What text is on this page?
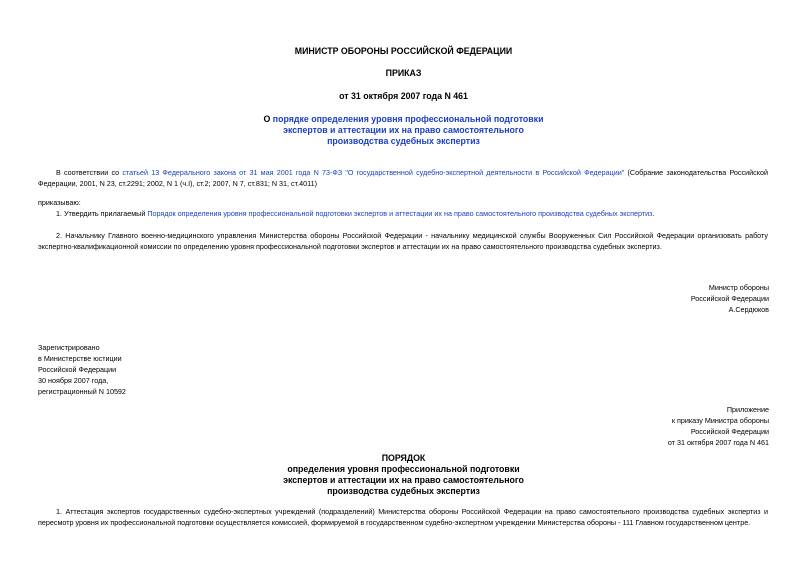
МИНИСТР ОБОРОНЫ РОССИЙСКОЙ ФЕДЕРАЦИИ
ПРИКАЗ
от 31 октября 2007 года N 461
О порядке определения уровня профессиональной подготовки
экспертов и аттестации их на право самостоятельного
производства судебных экспертиз
В соответствии со статьей 13 Федерального закона от 31 мая 2001 года N 73-ФЗ "О государственной судебно-экспертной деятельности в Российской Федерации" (Собрание законодательства Российской Федерации, 2001, N 23, ст.2291; 2002, N 1 (ч.I), ст.2; 2007, N 7, ст.831; N 31, ст.4011)
приказываю:
1. Утвердить прилагаемый Порядок определения уровня профессиональной подготовки экспертов и аттестации их на право самостоятельного производства судебных экспертиз.
2. Начальнику Главного военно-медицинского управления Министерства обороны Российской Федерации - начальнику медицинской службы Вооруженных Сил Российской Федерации организовать работу экспертно-квалификационной комиссии по определению уровня профессиональной подготовки экспертов и аттестации их на право самостоятельного производства судебных экспертиз.
Министр обороны
Российской Федерации
А.Сердюков
Зарегистрировано
в Министерстве юстиции
Российской Федерации
30 ноября 2007 года,
регистрационный N 10592
Приложение
к приказу Министра обороны
Российской Федерации
от 31 октября 2007 года N 461
ПОРЯДОК
определения уровня профессиональной подготовки
экспертов и аттестации их на право самостоятельного
производства судебных экспертиз
1. Аттестация экспертов государственных судебно-экспертных учреждений (подразделений) Министерства обороны Российской Федерации на право самостоятельного производства судебных экспертиз и пересмотр уровня их профессиональной подготовки осуществляется комиссией, формируемой в государственном судебно-экспертном учреждении Министерства обороны - 111 Главном государственном центре.
